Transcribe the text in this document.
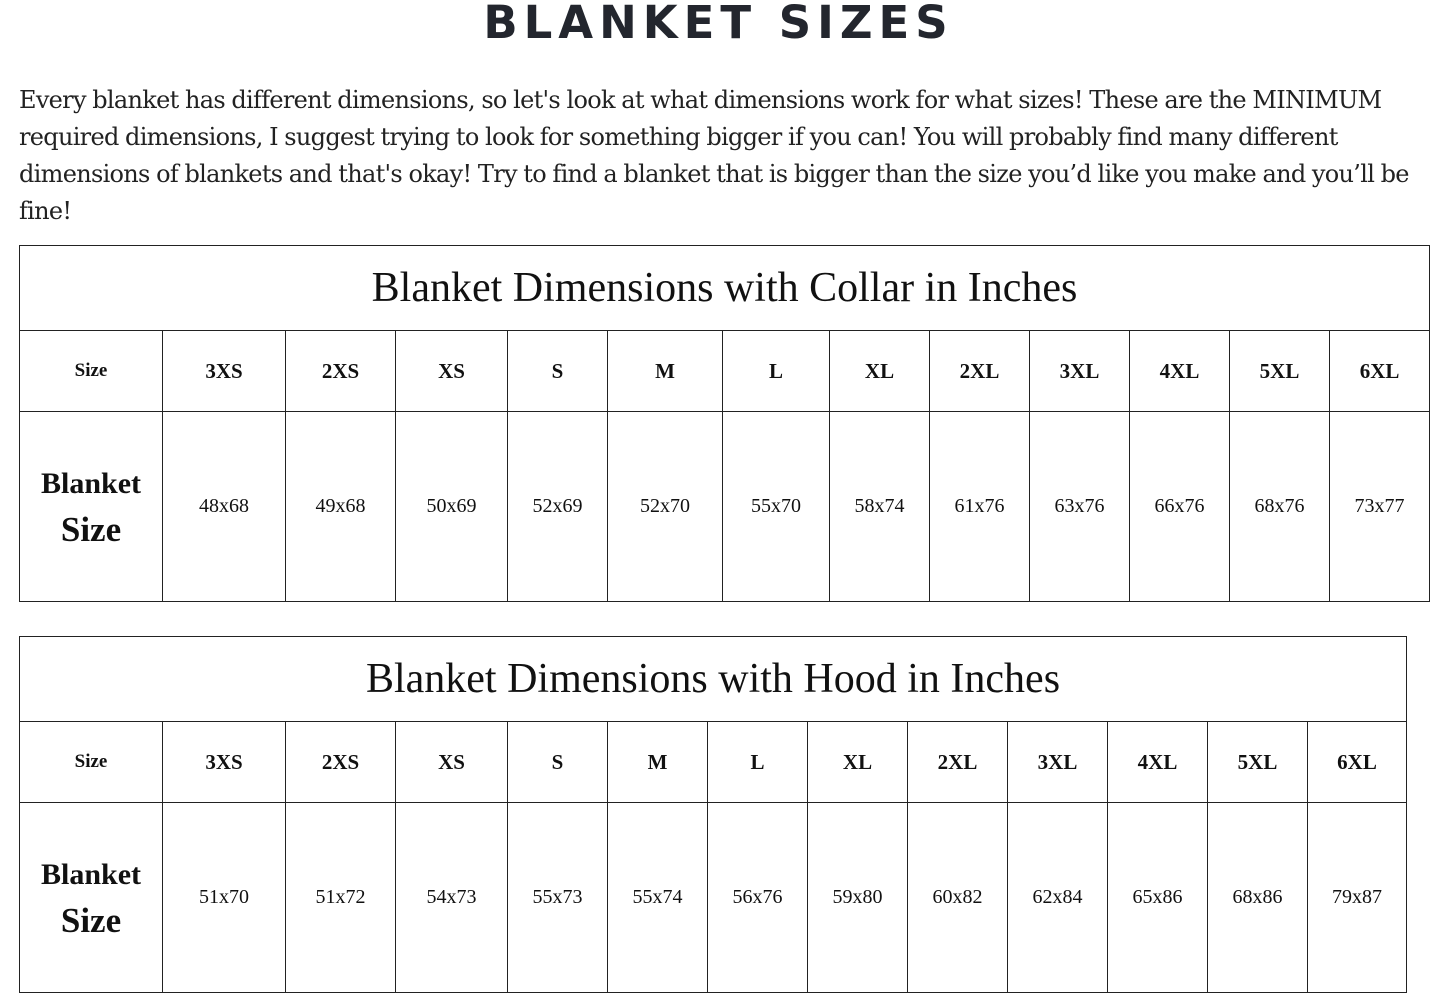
BLANKET SIZES

Every blanket has different dimensions, so let's look at what dimensions work for what sizes! These are the MINIMUM required dimensions, I suggest trying to look for something bigger if you can! You will probably find many different dimensions of blankets and that's okay! Try to find a blanket that is bigger than the size you’d like you make and you’ll be fine!

Blanket Dimensions with Collar in Inches												
Size	3XS	2XS	XS	S	M	L	XL	2XL	3XL	4XL	5XL	6XL

Blanket
Size	48x68	49x68	50x69	52x69	52x70	55x70	58x74	61x76	63x76	66x76	68x76	73x77
Blanket Dimensions with Hood in Inches												
Size	3XS	2XS	XS	S	M	L	XL	2XL	3XL	4XL	5XL	6XL

Blanket
Size	51x70	51x72	54x73	55x73	55x74	56x76	59x80	60x82	62x84	65x86	68x86	79x87
